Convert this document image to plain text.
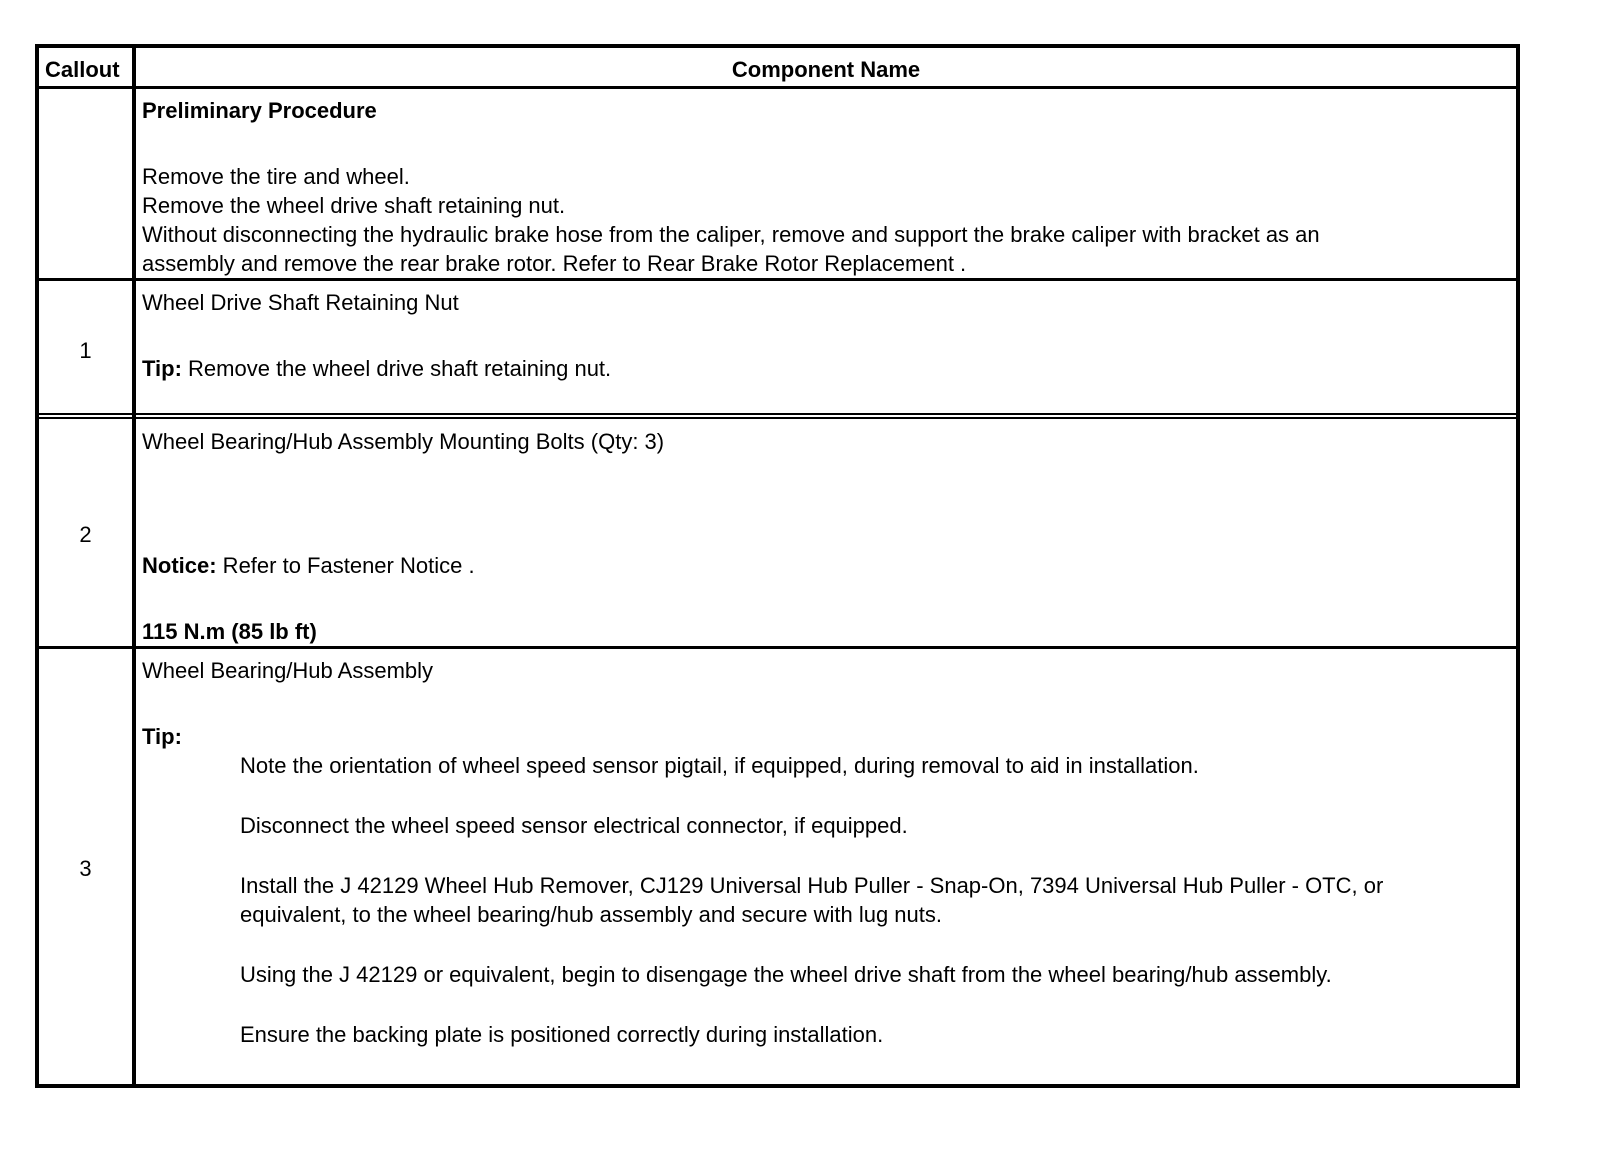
Callout	Component Name

Preliminary Procedure

Remove the tire and wheel.

Remove the wheel drive shaft retaining nut.

Without disconnecting the hydraulic brake hose from the caliper, remove and support the brake caliper with bracket as an

assembly and remove the rear brake rotor. Refer to Rear Brake Rotor Replacement .

1

Wheel Drive Shaft Retaining Nut

Tip: Remove the wheel drive shaft retaining nut.

2

Wheel Bearing/Hub Assembly Mounting Bolts (Qty: 3)

Notice: Refer to Fastener Notice .

115 N.m (85 lb ft)

3

Wheel Bearing/Hub Assembly

Tip:

Note the orientation of wheel speed sensor pigtail, if equipped, during removal to aid in installation.

Disconnect the wheel speed sensor electrical connector, if equipped.

Install the J 42129 Wheel Hub Remover, CJ129 Universal Hub Puller - Snap-On, 7394 Universal Hub Puller - OTC, or

equivalent, to the wheel bearing/hub assembly and secure with lug nuts.

Using the J 42129 or equivalent, begin to disengage the wheel drive shaft from the wheel bearing/hub assembly.

Ensure the backing plate is positioned correctly during installation.
